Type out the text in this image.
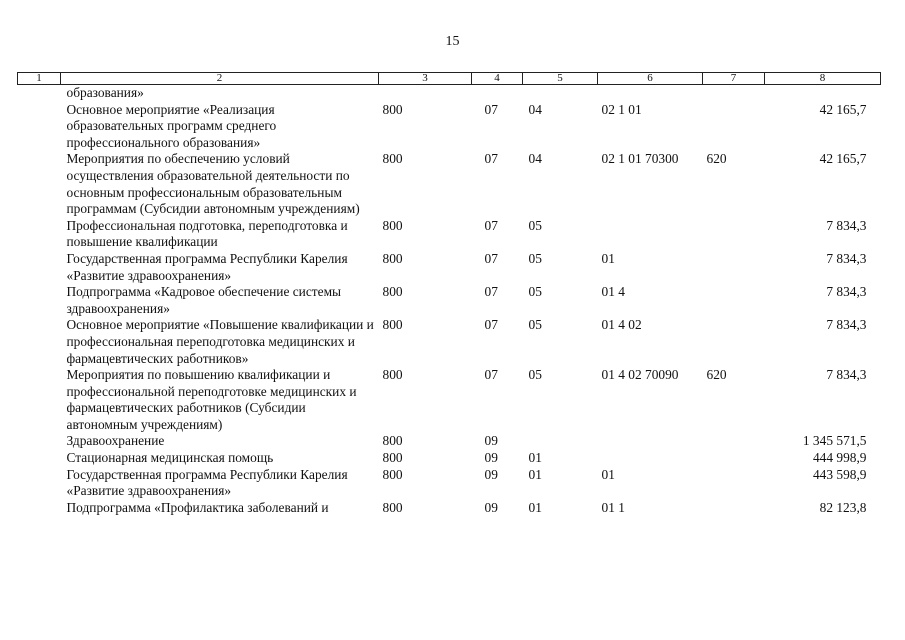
15
1	2	3	4	5	6	7	8
	образования»						
	Основное мероприятие «Реализация образовательных программ среднего профессионального образования»	800	07	04	02 1 01		42 165,7
	Мероприятия по обеспечению условий осуществления образовательной деятельности по основным профессиональным образовательным программам (Субсидии автономным учреждениям)	800	07	04	02 1 01 70300	620	42 165,7
	Профессиональная подготовка, переподготовка и повышение квалификации	800	07	05			7 834,3
	Государственная программа Республики Карелия «Развитие здравоохранения»	800	07	05	01		7 834,3
	Подпрограмма «Кадровое обеспечение системы здравоохранения»	800	07	05	01 4		7 834,3
	Основное мероприятие «Повышение квалификации и профессиональная переподготовка медицинских и фармацевтических работников»	800	07	05	01 4 02		7 834,3
	Мероприятия по повышению квалификации и профессиональной переподготовке медицинских и фармацевтических работников (Субсидии автономным учреждениям)	800	07	05	01 4 02 70090	620	7 834,3
	Здравоохранение	800	09				1 345 571,5
	Стационарная медицинская помощь	800	09	01			444 998,9
	Государственная программа Республики Карелия «Развитие здравоохранения»	800	09	01	01		443 598,9
	Подпрограмма «Профилактика заболеваний и	800	09	01	01 1		82 123,8
